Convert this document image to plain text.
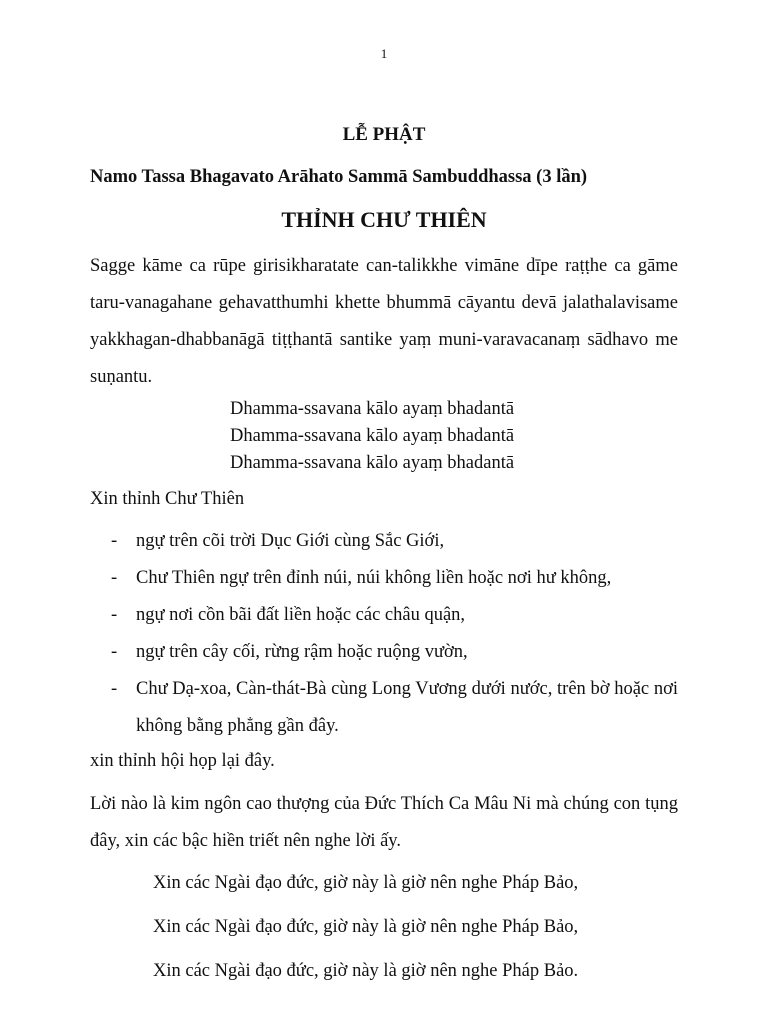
1
LỄ PHẬT
Namo Tassa Bhagavato Arāhato Sammā Sambuddhassa (3 lần)
THỈNH CHƯ THIÊN
Sagge kāme ca rūpe girisikharatate can-talikkhe vimāne dīpe raṭṭhe ca gāme taru-vanagahane gehavatthumhi khette bhummā cāyantu devā jalathalavisame yakkhagan-dhabbanāgā tiṭṭhantā santike yaṃ muni-varavacanaṃ sādhavo me suṇantu.
Dhamma-ssavana kālo ayaṃ bhadantā
Dhamma-ssavana kālo ayaṃ bhadantā
Dhamma-ssavana kālo ayaṃ bhadantā
Xin thỉnh Chư Thiên
- ngự trên cõi trời Dục Giới cùng Sắc Giới,
- Chư Thiên ngự trên đỉnh núi, núi không liền hoặc nơi hư không,
- ngự nơi cồn bãi đất liền hoặc các châu quận,
- ngự trên cây cối, rừng rậm hoặc ruộng vườn,
- Chư Dạ-xoa, Càn-thát-Bà cùng Long Vương dưới nước, trên bờ hoặc nơi không bằng phẳng gần đây.
xin thỉnh hội họp lại đây.
Lời nào là kim ngôn cao thượng của Đức Thích Ca Mâu Ni mà chúng con tụng đây, xin các bậc hiền triết nên nghe lời ấy.
Xin các Ngài đạo đức, giờ này là giờ nên nghe Pháp Bảo,
Xin các Ngài đạo đức, giờ này là giờ nên nghe Pháp Bảo,
Xin các Ngài đạo đức, giờ này là giờ nên nghe Pháp Bảo.
